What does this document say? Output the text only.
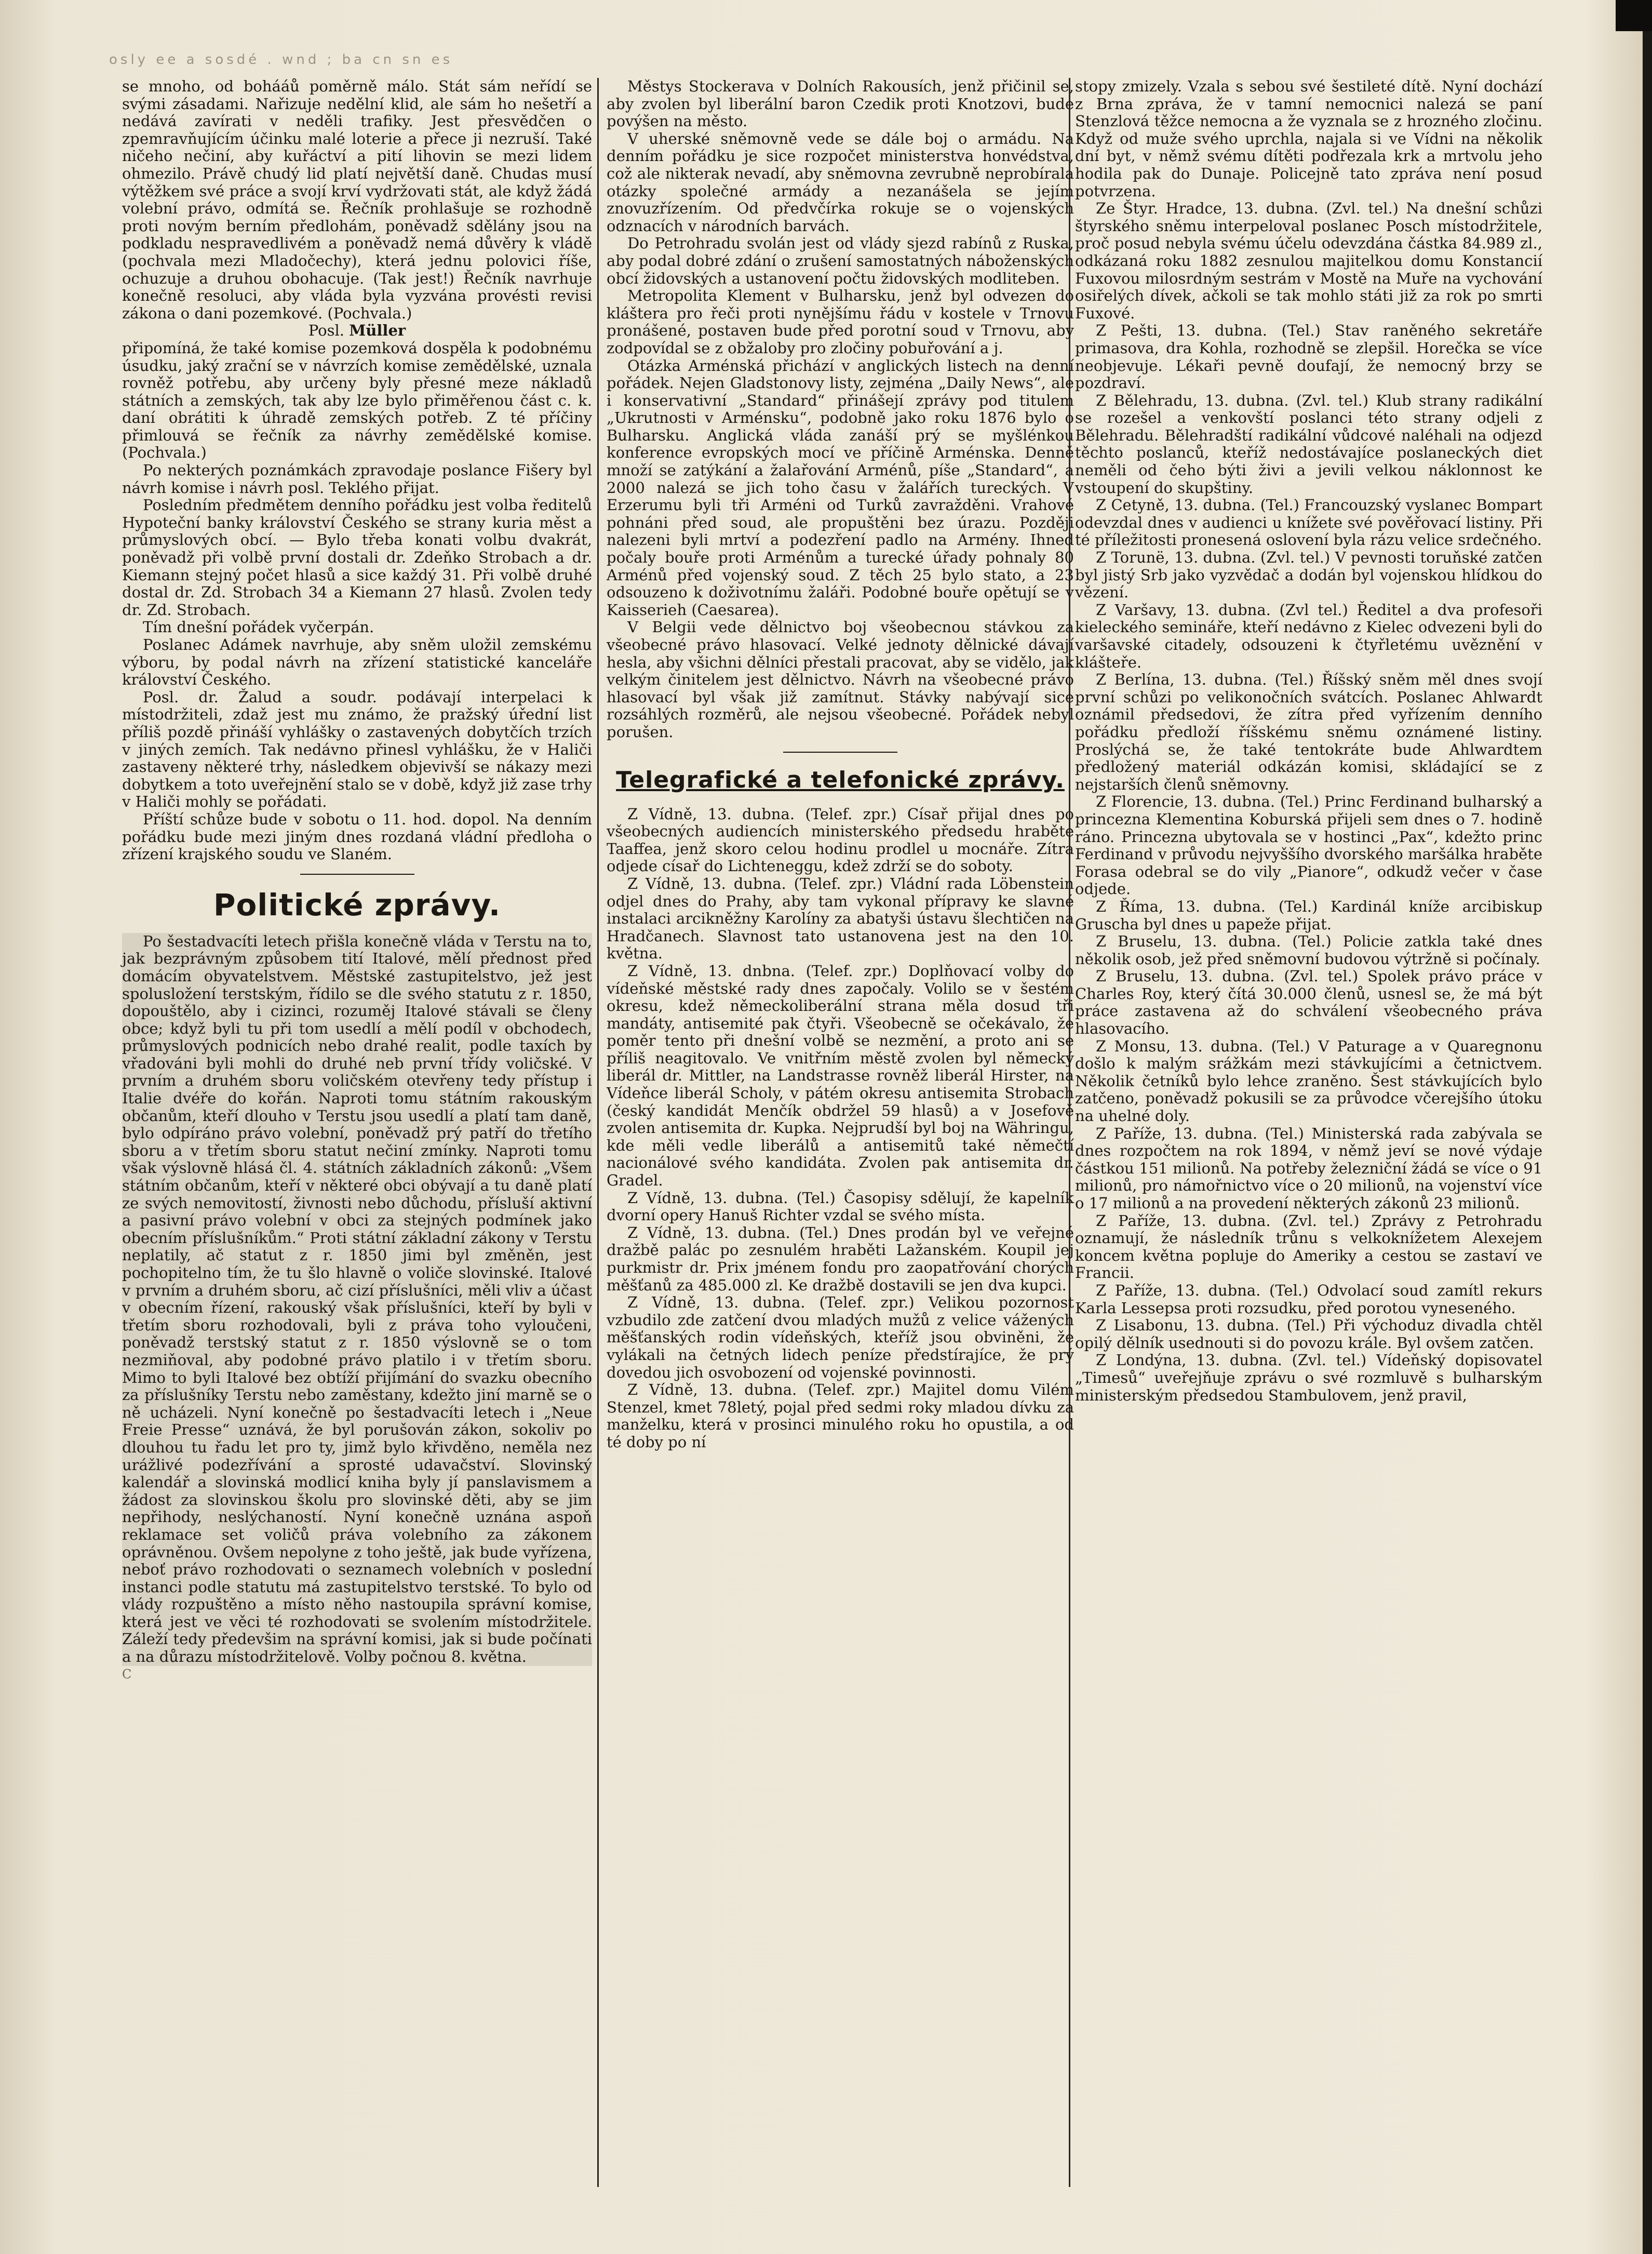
osly ee a sosdé . wnd ; ba cn sn es

se mnoho, od bohááů poměrně málo. Stát sám neřídí se svými zásadami. Nařizuje nedělní klid, ale sám ho nešetří a nedává zavírati v neděli trafiky. Jest přesvědčen o zpemravňujícím účinku malé loterie a přece ji nezruší. Také ničeho nečiní, aby kuřáctví a pití lihovin se mezi lidem ohmezilo. Právě chudý lid platí největší daně. Chudas musí výtěžkem své práce a svojí krví vydržovati stát, ale když žádá volební právo, odmítá se. Řečník prohlašuje se rozhodně proti novým berním předlohám, poněvadž sdělány jsou na podkladu nespravedlivém a poněvadž nemá důvěry k vládě (pochvala mezi Mladočechy), která jednu polovici říše, ochuzuje a druhou obohacuje. (Tak jest!) Řečník navrhuje konečně resoluci, aby vláda byla vyzvána provésti revisi zákona o dani pozemkové. (Pochvala.)

Posl. Müller

připomíná, že také komise pozemková dospěla k podobnému úsudku, jaký zrační se v návrzích komise zemědělské, uznala rovněž potřebu, aby určeny byly přesné meze nákladů státních a zemských, tak aby lze bylo přiměřenou část c. k. daní obrátiti k úhradě zemských potřeb. Z té příčiny přimlouvá se řečník za návrhy zemědělské komise. (Pochvala.)

Po nekterých poznámkách zpravodaje poslance Fišery byl návrh komise i návrh posl. Teklého přijat.

Posledním předmětem denního pořádku jest volba ředitelů Hypoteční banky království Českého se strany kuria měst a průmyslových obcí. — Bylo třeba konati volbu dvakrát, poněvadž při volbě první dostali dr. Zdeňko Strobach a dr. Kiemann stejný počet hlasů a sice každý 31. Při volbě druhé dostal dr. Zd. Strobach 34 a Kiemann 27 hlasů. Zvolen tedy dr. Zd. Strobach.

Tím dnešní pořádek vyčerpán.

Poslanec Adámek navrhuje, aby sněm uložil zemskému výboru, by podal návrh na zřízení statistické kanceláře království Českého.

Posl. dr. Žalud a soudr. podávají interpelaci k místodržiteli, zdaž jest mu známo, že pražský úřední list příliš pozdě přináší vyhlášky o zastavených dobytčích trzích v jiných zemích. Tak nedávno přinesl vyhlášku, že v Haliči zastaveny některé trhy, následkem objevivší se nákazy mezi dobytkem a toto uveřejnění stalo se v době, když již zase trhy v Haliči mohly se pořádati.

Příští schůze bude v sobotu o 11. hod. dopol. Na denním pořádku bude mezi jiným dnes rozdaná vládní předloha o zřízení krajského soudu ve Slaném.

Politické zprávy.

Po šestadvacíti letech přišla konečně vláda v Terstu na to, jak bezprávným způsobem tití Italové, mělí přednost před domácím obyvatelstvem. Městské zastupitelstvo, jež jest spolusložení terstským, řídilo se dle svého statutu z r. 1850, dopouštělo, aby i cizinci, rozuměj Italové stávali se členy obce; když byli tu při tom usedlí a mělí podíl v obchodech, průmyslových podnicích nebo drahé realit, podle taxích by vřadováni byli mohli do druhé neb první třídy voličské. V prvním a druhém sboru voličském otevřeny tedy přístup i Italie dvéře do kořán. Naproti tomu státním rakouským občanům, kteří dlouho v Terstu jsou usedlí a platí tam daně, bylo odpíráno právo volební, poněvadž prý patří do třetího sboru a v třetím sboru statut nečiní zmínky. Naproti tomu však výslovně hlásá čl. 4. státních základních zákonů: „Všem státním občanům, kteří v některé obci obývají a tu daně platí ze svých nemovitostí, živnosti nebo důchodu, přísluší aktivní a pasivní právo volební v obci za stejných podmínek jako obecním příslušníkům.“ Proti státní základní zákony v Terstu neplatily, ač statut z r. 1850 jimi byl změněn, jest pochopitelno tím, že tu šlo hlavně o voliče slovinské. Italové v prvním a druhém sboru, ač cizí příslušníci, měli vliv a účast v obecním řízení, rakouský však příslušníci, kteří by byli v třetím sboru rozhodovali, byli z práva toho vyloučeni, poněvadž terstský statut z r. 1850 výslovně se o tom nezmiňoval, aby podobné právo platilo i v třetím sboru. Mimo to byli Italové bez obtíží přijímání do svazku obecního za příslušníky Terstu nebo zaměstany, kdežto jiní marně se o ně ucházeli. Nyní konečně po šestadvacíti letech i „Neue Freie Presse“ uznává, že byl porušován zákon, sokoliv po dlouhou tu řadu let pro ty, jimž bylo křivděno, neměla nez urážlivé podezřívání a sprosté udavačství. Slovinský kalendář a slovinská modlicí kniha byly jí panslavismem a žádost za slovinskou školu pro slovinské děti, aby se jim nepřihody, neslýchaností. Nyní konečně uznána aspoň reklamace set voličů práva volebního za zákonem oprávněnou. Ovšem nepolyne z toho ještě, jak bude vyřízena, neboť právo rozhodovati o seznamech volebních v poslední instanci podle statutu má zastupitelstvo terstské. To bylo od vlády rozpuštěno a místo něho nastoupila správní komise, která jest ve věci té rozhodovati se svolením místodržitele. Záleží tedy předevšim na správní komisi, jak si bude počínati a na důrazu místodržitelově. Volby počnou 8. května.

C

Městys Stockerava v Dolních Rakousích, jenž přičinil se, aby zvolen byl liberální baron Czedik proti Knotzovi, bude povýšen na město.

V uherské sněmovně vede se dále boj o armádu. Na denním pořádku je sice rozpočet ministerstva honvédstva, což ale nikterak nevadí, aby sněmovna zevrubně neprobírala otázky společné armády a nezanášela se jejím znovuzřízením. Od předvčírka rokuje se o vojenských odznacích v národních barvách.

Do Petrohradu svolán jest od vlády sjezd rabínů z Ruska, aby podal dobré zdání o zrušení samostatných náboženských obcí židovských a ustanovení počtu židovských modliteben.

Metropolita Klement v Bulharsku, jenž byl odvezen do kláštera pro řeči proti nynějšímu řádu v kostele v Trnovu pronášené, postaven bude před porotní soud v Trnovu, aby zodpovídal se z obžaloby pro zločiny pobuřování a j.

Otázka Arménská přichází v anglických listech na denní pořádek. Nejen Gladstonovy listy, zejména „Daily News“, ale i konservativní „Standard“ přinášejí zprávy pod titulem „Ukrutnosti v Arménsku“, podobně jako roku 1876 bylo o Bulharsku. Anglická vláda zanáší prý se myšlénkou konference evropských mocí ve příčině Arménska. Denně množí se zatýkání a žalařování Arménů, píše „Standard“, a 2000 nalezá se jich toho času v žalářích tureckých. V Erzerumu byli tři Arméni od Turků zavražděni. Vrahové pohnáni před soud, ale propuštěni bez úrazu. Později nalezeni byli mrtví a podezření padlo na Armény. Ihned počaly bouře proti Arménům a turecké úřady pohnaly 80 Arménů před vojenský soud. Z těch 25 bylo stato, a 23 odsouzeno k doživotnímu žaláři. Podobné bouře opětují se v Kaisserieh (Caesarea).

V Belgii vede dělnictvo boj všeobecnou stávkou za všeobecné právo hlasovací. Velké jednoty dělnické dávají hesla, aby všichni dělníci přestali pracovat, aby se vidělo, jak velkým činitelem jest dělnictvo. Návrh na všeobecné právo hlasovací byl však již zamítnut. Stávky nabývají sice rozsáhlých rozměrů, ale nejsou všeobecné. Pořádek nebyl porušen.

Telegrafické a telefonické zprávy.

Z Vídně, 13. dubna. (Telef. zpr.) Císař přijal dnes po všeobecných audiencích ministerského předsedu hraběte Taaffea, jenž skoro celou hodinu prodlel u mocnáře. Zítra odjede císař do Lichteneggu, kdež zdrží se do soboty.

Z Vídně, 13. dubna. (Telef. zpr.) Vládní rada Löbenstein odjel dnes do Prahy, aby tam vykonal přípravy ke slavné instalaci arcikněžny Karolíny za abatyši ústavu šlechtičen na Hradčanech. Slavnost tato ustanovena jest na den 10. května.

Z Vídně, 13. dnbna. (Telef. zpr.) Doplňovací volby do vídeňské městské rady dnes započaly. Volilo se v šestém okresu, kdež německoliberální strana měla dosud tři mandáty, antisemité pak čtyři. Všeobecně se očekávalo, že poměr tento při dnešní volbě se nezmění, a proto ani se příliš neagitovalo. Ve vnitřním městě zvolen byl německý liberál dr. Mittler, na Landstrasse rovněž liberál Hirster, na Vídeňce liberál Scholy, v pátém okresu antisemita Strobach (český kandidát Menčík obdržel 59 hlasů) a v Josefově zvolen antisemita dr. Kupka. Nejprudší byl boj na Währingu, kde měli vedle liberálů a antisemitů také němečtí nacionálové svého kandidáta. Zvolen pak antisemita dr. Gradel.

Z Vídně, 13. dubna. (Tel.) Časopisy sdělují, že kapelník dvorní opery Hanuš Richter vzdal se svého místa.

Z Vídně, 13. dubna. (Tel.) Dnes prodán byl ve veřejné dražbě palác po zesnulém hraběti Lažanském. Koupil jej purkmistr dr. Prix jménem fondu pro zaopatřování chorých měšťanů za 485.000 zl. Ke dražbě dostavili se jen dva kupci.

Z Vídně, 13. dubna. (Telef. zpr.) Velikou pozornost vzbudilo zde zatčení dvou mladých mužů z velice vážených měšťanských rodin vídeňských, kteříž jsou obviněni, že vylákali na četných lidech peníze předstírajíce, že prý dovedou jich osvobození od vojenské povinnosti.

Z Vídně, 13. dubna. (Telef. zpr.) Majitel domu Vilém Stenzel, kmet 78letý, pojal před sedmi roky mladou dívku za manželku, která v prosinci minulého roku ho opustila, a od té doby po ní

stopy zmizely. Vzala s sebou své šestileté dítě. Nyní dochází z Brna zpráva, že v tamní nemocnici nalezá se paní Stenzlová těžce nemocna a že vyznala se z hrozného zločinu. Když od muže svého uprchla, najala si ve Vídni na několik dní byt, v němž svému dítěti podřezala krk a mrtvolu jeho hodila pak do Dunaje. Policejně tato zpráva není posud potvrzena.

Ze Štyr. Hradce, 13. dubna. (Zvl. tel.) Na dnešní schůzi štyrského sněmu interpeloval poslanec Posch místodržitele, proč posud nebyla svému účelu odevzdána částka 84.989 zl., odkázaná roku 1882 zesnulou majitelkou domu Konstancií Fuxovou milosrdným sestrám v Mostě na Muře na vychování osiřelých dívek, ačkoli se tak mohlo státi již za rok po smrti Fuxové.

Z Pešti, 13. dubna. (Tel.) Stav raněného sekretáře primasova, dra Kohla, rozhodně se zlepšil. Horečka se více neobjevuje. Lékaři pevně doufají, že nemocný brzy se pozdraví.

Z Bělehradu, 13. dubna. (Zvl. tel.) Klub strany radikální se rozešel a venkovští poslanci této strany odjeli z Bělehradu. Bělehradští radikální vůdcové naléhali na odjezd těchto poslanců, kteříž nedostávajíce poslaneckých diet neměli od čeho býti živi a jevili velkou náklonnost ke vstoupení do skupštiny.

Z Cetyně, 13. dubna. (Tel.) Francouzský vyslanec Bompart odevzdal dnes v audienci u knížete své pověřovací listiny. Při té příležitosti pronesená oslovení byla rázu velice srdečného.

Z Torunë, 13. dubna. (Zvl. tel.) V pevnosti toruňské zatčen byl jistý Srb jako vyzvědač a dodán byl vojenskou hlídkou do vězení.

Z Varšavy, 13. dubna. (Zvl tel.) Ředitel a dva profesoři kieleckého semináře, kteří nedávno z Kielec odvezeni byli do varšavské citadely, odsouzeni k čtyřletému uvěznění v klášteře.

Z Berlína, 13. dubna. (Tel.) Říšský sněm měl dnes svojí první schůzi po velikonočních svátcích. Poslanec Ahlwardt oznámil předsedovi, že zítra před vyřízením denního pořádku předloží říšskému sněmu oznámené listiny. Proslýchá se, že také tentokráte bude Ahlwardtem předložený materiál odkázán komisi, skládající se z nejstarších členů sněmovny.

Z Florencie, 13. dubna. (Tel.) Princ Ferdinand bulharský a princezna Klementina Koburská přijeli sem dnes o 7. hodině ráno. Princezna ubytovala se v hostinci „Pax“, kdežto princ Ferdinand v průvodu nejvyššího dvorského maršálka hraběte Forasa odebral se do vily „Pianore“, odkudž večer v čase odjede.

Z Říma, 13. dubna. (Tel.) Kardinál kníže arcibiskup Gruscha byl dnes u papeže přijat.

Z Bruselu, 13. dubna. (Tel.) Policie zatkla také dnes několik osob, jež před sněmovní budovou výtržně si počínaly.

Z Bruselu, 13. dubna. (Zvl. tel.) Spolek právo práce v Charles Roy, který čítá 30.000 členů, usnesl se, že má být práce zastavena až do schválení všeobecného práva hlasovacího.

Z Monsu, 13. dubna. (Tel.) V Paturage a v Quaregnonu došlo k malým srážkám mezi stávkujícími a četnictvem. Několik četníků bylo lehce zraněno. Šest stávkujících bylo zatčeno, poněvadž pokusili se za průvodce včerejšího útoku na uhelné doly.

Z Paříže, 13. dubna. (Tel.) Ministerská rada zabývala se dnes rozpočtem na rok 1894, v němž jeví se nové výdaje částkou 151 milionů. Na potřeby železniční žádá se více o 91 milionů, pro námořnictvo více o 20 milionů, na vojenství více o 17 milionů a na provedení některých zákonů 23 milionů.

Z Paříže, 13. dubna. (Zvl. tel.) Zprávy z Petrohradu oznamují, že následník trůnu s velkoknížetem Alexejem koncem května popluje do Ameriky a cestou se zastaví ve Francii.

Z Paříže, 13. dubna. (Tel.) Odvolací soud zamítl rekurs Karla Lessepsa proti rozsudku, před porotou vyneseného.

Z Lisabonu, 13. dubna. (Tel.) Při východuz divadla chtěl opilý dělník usednouti si do povozu krále. Byl ovšem zatčen.

Z Londýna, 13. dubna. (Zvl. tel.) Vídeňský dopisovatel „Timesů“ uveřejňuje zprávu o své rozmluvě s bulharským ministerským předsedou Stambulovem, jenž pravil,
